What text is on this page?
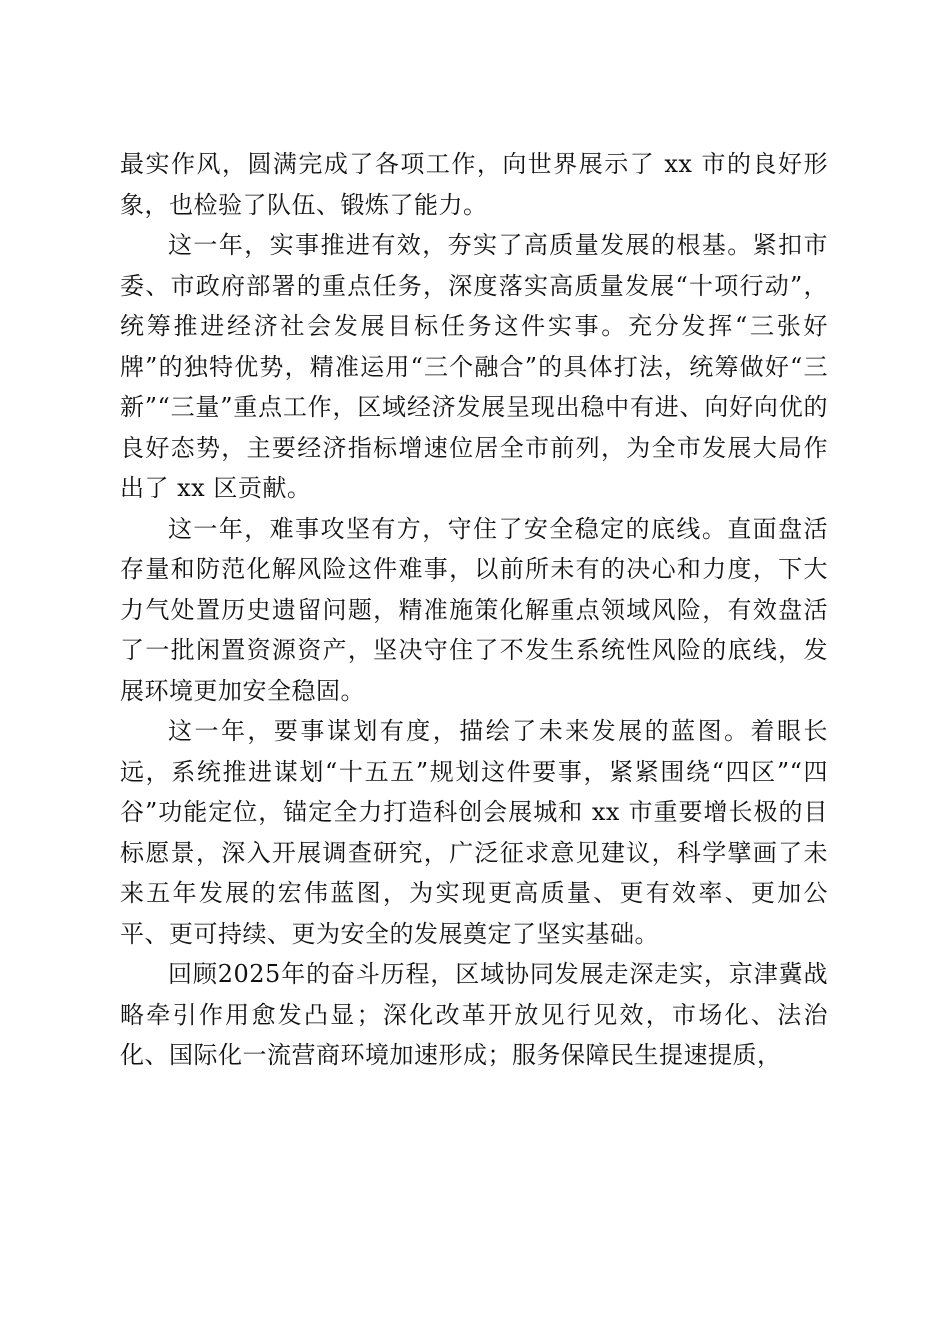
最实作风，圆满完成了各项工作，向世界展示了 xx 市的良好形象，也检验了队伍、锻炼了能力。

这一年，实事推进有效，夯实了高质量发展的根基。紧扣市委、市政府部署的重点任务，深度落实高质量发展“十项行动”，统筹推进经济社会发展目标任务这件实事。充分发挥“三张好牌”的独特优势，精准运用“三个融合”的具体打法，统筹做好“三新”“三量”重点工作，区域经济发展呈现出稳中有进、向好向优的良好态势，主要经济指标增速位居全市前列，为全市发展大局作出了 xx 区贡献。

这一年，难事攻坚有方，守住了安全稳定的底线。直面盘活存量和防范化解风险这件难事，以前所未有的决心和力度，下大力气处置历史遗留问题，精准施策化解重点领域风险，有效盘活了一批闲置资源资产，坚决守住了不发生系统性风险的底线，发展环境更加安全稳固。

这一年，要事谋划有度，描绘了未来发展的蓝图。着眼长远，系统推进谋划“十五五”规划这件要事，紧紧围绕“四区”“四谷”功能定位，锚定全力打造科创会展城和 xx 市重要增长极的目标愿景，深入开展调查研究，广泛征求意见建议，科学擘画了未来五年发展的宏伟蓝图，为实现更高质量、更有效率、更加公平、更可持续、更为安全的发展奠定了坚实基础。

回顾2025年的奋斗历程，区域协同发展走深走实，京津冀战略牵引作用愈发凸显；深化改革开放见行见效，市场化、法治化、国际化一流营商环境加速形成；服务保障民生提速提质，
